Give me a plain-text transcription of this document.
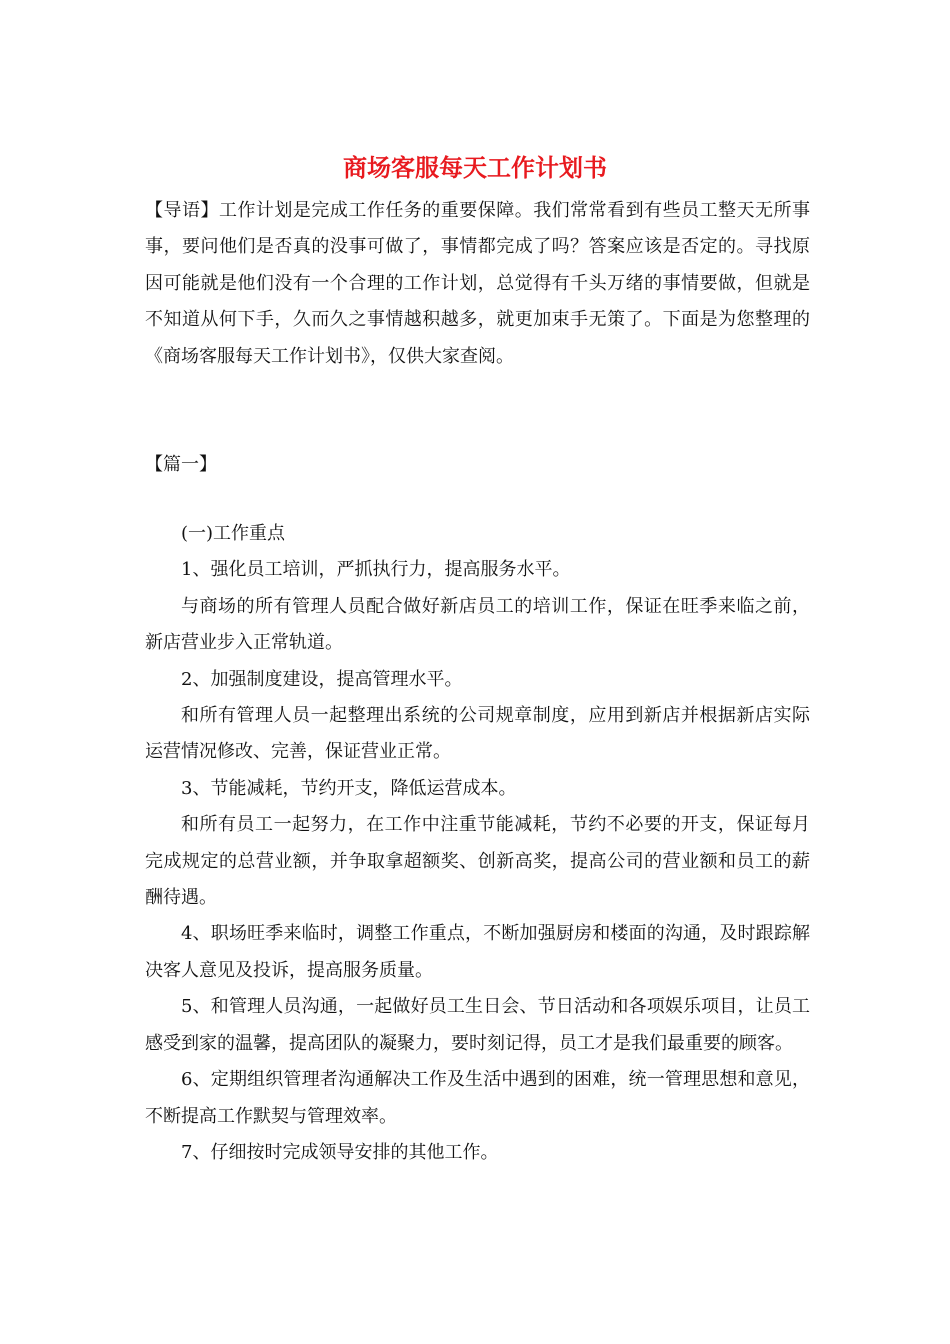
商场客服每天工作计划书

【导语】工作计划是完成工作任务的重要保障。我们常常看到有些员工整天无所事事，要问他们是否真的没事可做了，事情都完成了吗？答案应该是否定的。寻找原因可能就是他们没有一个合理的工作计划，总觉得有千头万绪的事情要做，但就是不知道从何下手，久而久之事情越积越多，就更加束手无策了。下面是为您整理的《商场客服每天工作计划书》，仅供大家查阅。

【篇一】

(一)工作重点

1、强化员工培训，严抓执行力，提高服务水平。

与商场的所有管理人员配合做好新店员工的培训工作，保证在旺季来临之前，新店营业步入正常轨道。

2、加强制度建设，提高管理水平。

和所有管理人员一起整理出系统的公司规章制度，应用到新店并根据新店实际运营情况修改、完善，保证营业正常。

3、节能减耗，节约开支，降低运营成本。

和所有员工一起努力，在工作中注重节能减耗，节约不必要的开支，保证每月完成规定的总营业额，并争取拿超额奖、创新高奖，提高公司的营业额和员工的薪酬待遇。

4、职场旺季来临时，调整工作重点，不断加强厨房和楼面的沟通，及时跟踪解决客人意见及投诉，提高服务质量。

5、和管理人员沟通，一起做好员工生日会、节日活动和各项娱乐项目，让员工感受到家的温馨，提高团队的凝聚力，要时刻记得，员工才是我们最重要的顾客。

6、定期组织管理者沟通解决工作及生活中遇到的困难，统一管理思想和意见，不断提高工作默契与管理效率。

7、仔细按时完成领导安排的其他工作。
